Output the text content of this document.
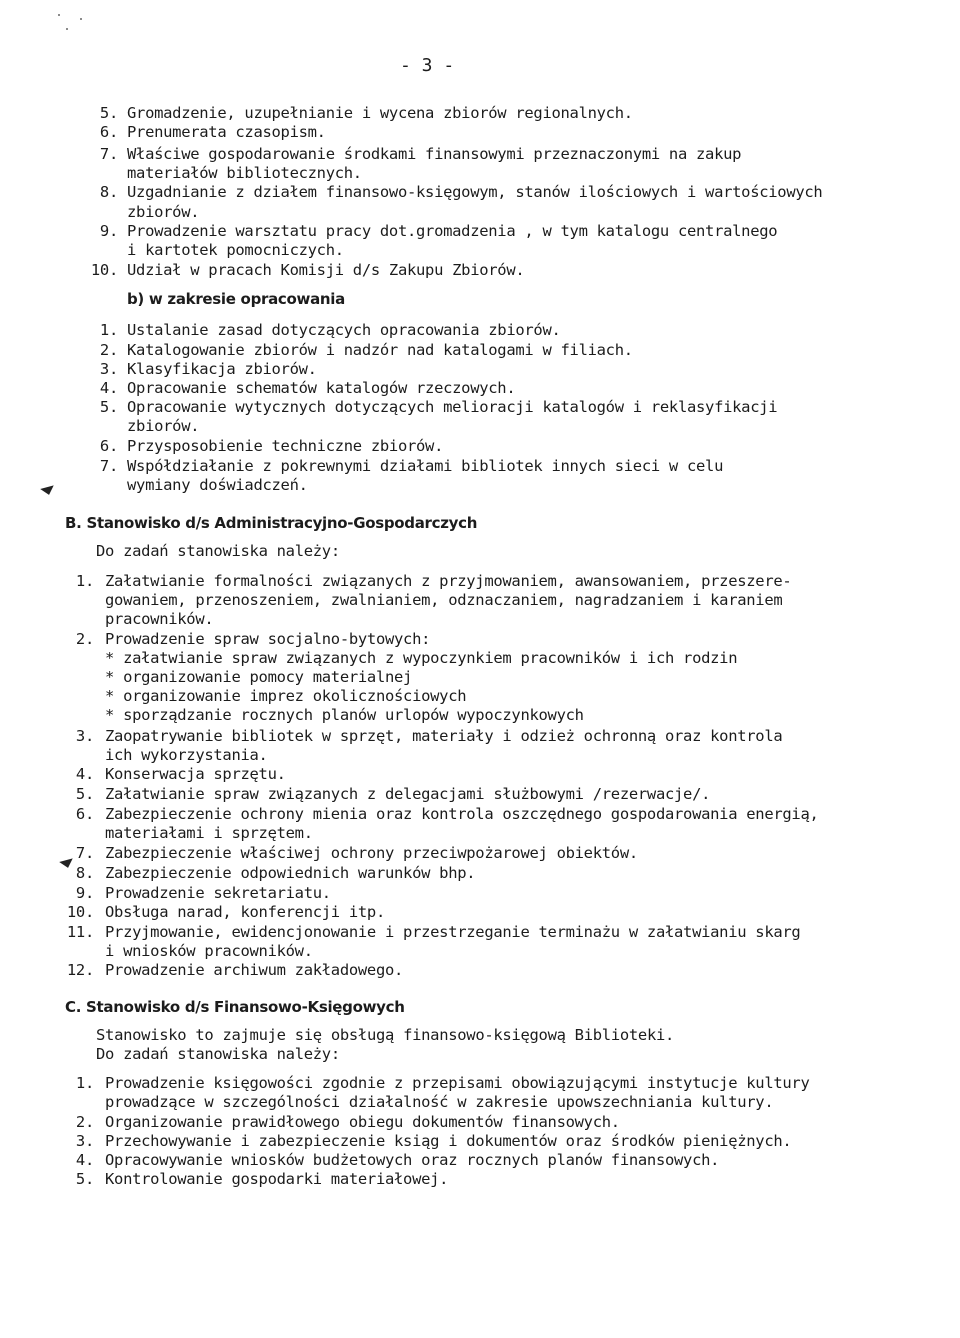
- 3 -
5. Gromadzenie, uzupełnianie i wycena zbiorów regionalnych.
6. Prenumerata czasopism.
7. Właściwe gospodarowanie środkami finansowymi przeznaczonymi na zakup
materiałów bibliotecznych.
8. Uzgadnianie z działem finansowo-księgowym, stanów ilościowych i wartościowych
zbiorów.
9. Prowadzenie warsztatu pracy dot.gromadzenia , w tym katalogu centralnego
i kartotek pomocniczych.
10. Udział w pracach Komisji d/s Zakupu Zbiorów.
b) w zakresie opracowania
1. Ustalanie zasad dotyczących opracowania zbiorów.
2. Katalogowanie zbiorów i nadzór nad katalogami w filiach.
3. Klasyfikacja zbiorów.
4. Opracowanie schematów katalogów rzeczowych.
5. Opracowanie wytycznych dotyczących melioracji katalogów i reklasyfikacji
zbiorów.
6. Przysposobienie techniczne zbiorów.
7. Współdziałanie z pokrewnymi działami bibliotek innych sieci w celu
wymiany doświadczeń.
B. Stanowisko d/s Administracyjno-Gospodarczych
Do zadań stanowiska należy:
1. Załatwianie formalności związanych z przyjmowaniem, awansowaniem, przeszere-
gowaniem, przenoszeniem, zwalnianiem, odznaczaniem, nagradzaniem i karaniem
pracowników.
2. Prowadzenie spraw socjalno-bytowych:
* załatwianie spraw związanych z wypoczynkiem pracowników i ich rodzin
* organizowanie pomocy materialnej
* organizowanie imprez okolicznościowych
* sporządzanie rocznych planów urlopów wypoczynkowych
3. Zaopatrywanie bibliotek w sprzęt, materiały i odzież ochronną oraz kontrola
ich wykorzystania.
4. Konserwacja sprzętu.
5. Załatwianie spraw związanych z delegacjami służbowymi /rezerwacje/.
6. Zabezpieczenie ochrony mienia oraz kontrola oszczędnego gospodarowania energią,
materiałami i sprzętem.
7. Zabezpieczenie właściwej ochrony przeciwpożarowej obiektów.
8. Zabezpieczenie odpowiednich warunków bhp.
9. Prowadzenie sekretariatu.
10. Obsługa narad, konferencji itp.
11. Przyjmowanie, ewidencjonowanie i przestrzeganie terminażu w załatwianiu skarg
i wniosków pracowników.
12. Prowadzenie archiwum zakładowego.
C. Stanowisko d/s Finansowo-Księgowych
Stanowisko to zajmuje się obsługą finansowo-księgową Biblioteki.
Do zadań stanowiska należy:
1. Prowadzenie księgowości zgodnie z przepisami obowiązującymi instytucje kultury
prowadzące w szczególności działalność w zakresie upowszechniania kultury.
2. Organizowanie prawidłowego obiegu dokumentów finansowych.
3. Przechowywanie i zabezpieczenie ksiąg i dokumentów oraz środków pieniężnych.
4. Opracowywanie wniosków budżetowych oraz rocznych planów finansowych.
5. Kontrolowanie gospodarki materiałowej.
